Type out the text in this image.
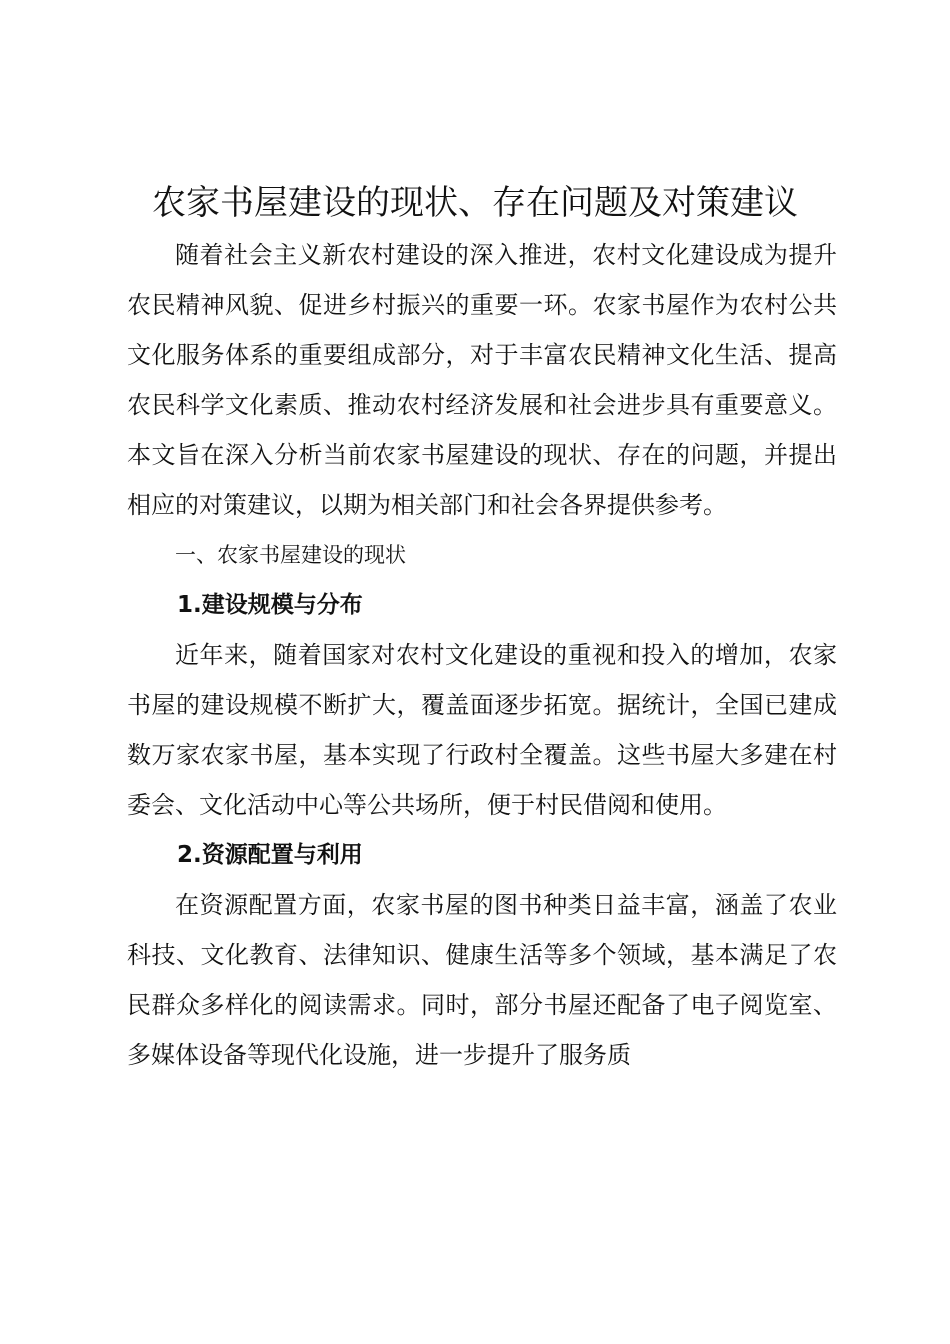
农家书屋建设的现状、存在问题及对策建议

随着社会主义新农村建设的深入推进，农村文化建设成为提升农民精神风貌、促进乡村振兴的重要一环。农家书屋作为农村公共文化服务体系的重要组成部分，对于丰富农民精神文化生活、提高农民科学文化素质、推动农村经济发展和社会进步具有重要意义。本文旨在深入分析当前农家书屋建设的现状、存在的问题，并提出相应的对策建议，以期为相关部门和社会各界提供参考。

一、农家书屋建设的现状

1.建设规模与分布

近年来，随着国家对农村文化建设的重视和投入的增加，农家书屋的建设规模不断扩大，覆盖面逐步拓宽。据统计，全国已建成数万家农家书屋，基本实现了行政村全覆盖。这些书屋大多建在村委会、文化活动中心等公共场所，便于村民借阅和使用。

2.资源配置与利用

在资源配置方面，农家书屋的图书种类日益丰富，涵盖了农业科技、文化教育、法律知识、健康生活等多个领域，基本满足了农民群众多样化的阅读需求。同时，部分书屋还配备了电子阅览室、多媒体设备等现代化设施，进一步提升了服务质
